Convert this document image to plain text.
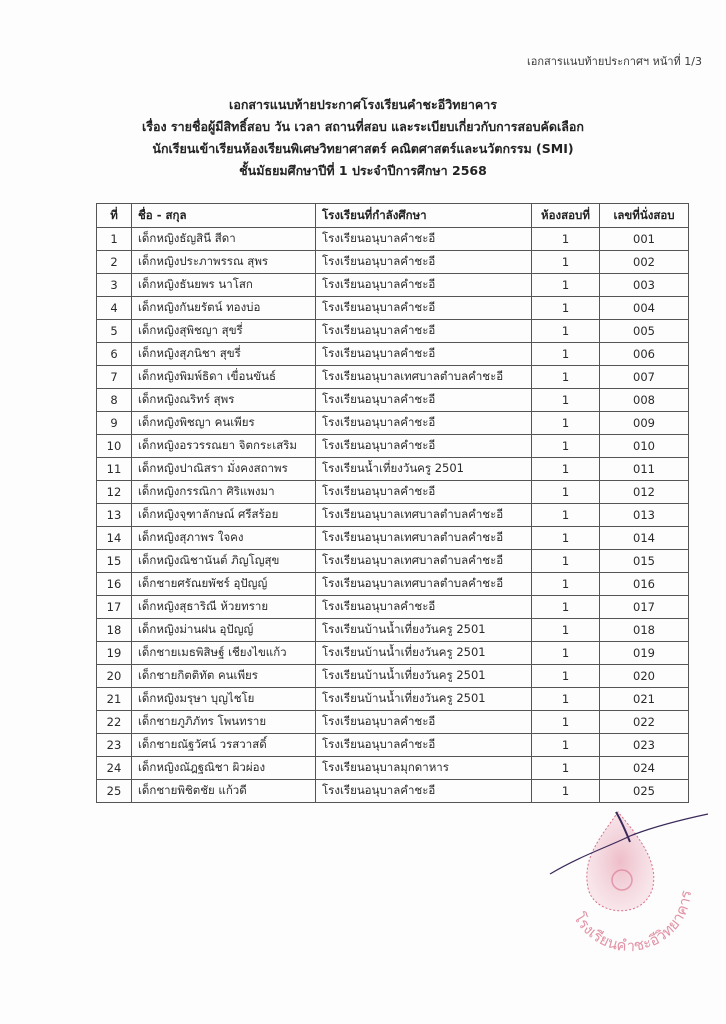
เอกสารแนบท้ายประกาศฯ หน้าที่ 1/3
เอกสารแนบท้ายประกาศโรงเรียนคำชะอีวิทยาคาร
เรื่อง รายชื่อผู้มีสิทธิ์สอบ วัน เวลา สถานที่สอบ และระเบียบเกี่ยวกับการสอบคัดเลือก
นักเรียนเข้าเรียนห้องเรียนพิเศษวิทยาศาสตร์ คณิตศาสตร์และนวัตกรรม (SMI)
ชั้นมัธยมศึกษาปีที่ 1 ประจำปีการศึกษา 2568
ที่	ชื่อ - สกุล	โรงเรียนที่กำลังศึกษา	ห้องสอบที่	เลขที่นั่งสอบ
1	เด็กหญิงธัญสินี สีดา	โรงเรียนอนุบาลคำชะอี	1	001
2	เด็กหญิงประภาพรรณ สุพร	โรงเรียนอนุบาลคำชะอี	1	002
3	เด็กหญิงธันยพร นาโสก	โรงเรียนอนุบาลคำชะอี	1	003
4	เด็กหญิงกันยรัตน์ ทองบ่อ	โรงเรียนอนุบาลคำชะอี	1	004
5	เด็กหญิงสุพิชญา สุขรี่	โรงเรียนอนุบาลคำชะอี	1	005
6	เด็กหญิงสุภนิชา สุขรี่	โรงเรียนอนุบาลคำชะอี	1	006
7	เด็กหญิงพิมพ์ธิดา เขื่อนขันธ์	โรงเรียนอนุบาลเทศบาลตำบลคำชะอี	1	007
8	เด็กหญิงณริทร์ สุพร	โรงเรียนอนุบาลคำชะอี	1	008
9	เด็กหญิงพิชญา คนเพียร	โรงเรียนอนุบาลคำชะอี	1	009
10	เด็กหญิงอรวรรณยา จิตกระเสริม	โรงเรียนอนุบาลคำชะอี	1	010
11	เด็กหญิงปาณิสรา มั่งคงสถาพร	โรงเรียนน้ำเที่ยงวันครู 2501	1	011
12	เด็กหญิงกรรณิกา ศิริแพงมา	โรงเรียนอนุบาลคำชะอี	1	012
13	เด็กหญิงจุฑาลักษณ์ ศรีสร้อย	โรงเรียนอนุบาลเทศบาลตำบลคำชะอี	1	013
14	เด็กหญิงสุภาพร ใจคง	โรงเรียนอนุบาลเทศบาลตำบลคำชะอี	1	014
15	เด็กหญิงณิชานันต์ ภิญโญสุข	โรงเรียนอนุบาลเทศบาลตำบลคำชะอี	1	015
16	เด็กชายศรัณยพัชร์ อุปัญญ์	โรงเรียนอนุบาลเทศบาลตำบลคำชะอี	1	016
17	เด็กหญิงสุธาริณี ห้วยทราย	โรงเรียนอนุบาลคำชะอี	1	017
18	เด็กหญิงม่านฝน อุปัญญ์	โรงเรียนบ้านน้ำเที่ยงวันครู 2501	1	018
19	เด็กชายเมธพิสิษฐ์ เชียงไขแก้ว	โรงเรียนบ้านน้ำเที่ยงวันครู 2501	1	019
20	เด็กชายกิตติทัต คนเพียร	โรงเรียนบ้านน้ำเที่ยงวันครู 2501	1	020
21	เด็กหญิงมรุษา บุญไชโย	โรงเรียนบ้านน้ำเที่ยงวันครู 2501	1	021
22	เด็กชายภูภิภัทร โพนทราย	โรงเรียนอนุบาลคำชะอี	1	022
23	เด็กชายณัฐวัศน์ วรสวาสดิ์	โรงเรียนอนุบาลคำชะอี	1	023
24	เด็กหญิงณัฎฐณิชา ผิวผ่อง	โรงเรียนอนุบาลมุกดาหาร	1	024
25	เด็กชายพิชิตชัย แก้วดี	โรงเรียนอนุบาลคำชะอี	1	025
โรงเรียนคำชะอีวิทยาคาร
